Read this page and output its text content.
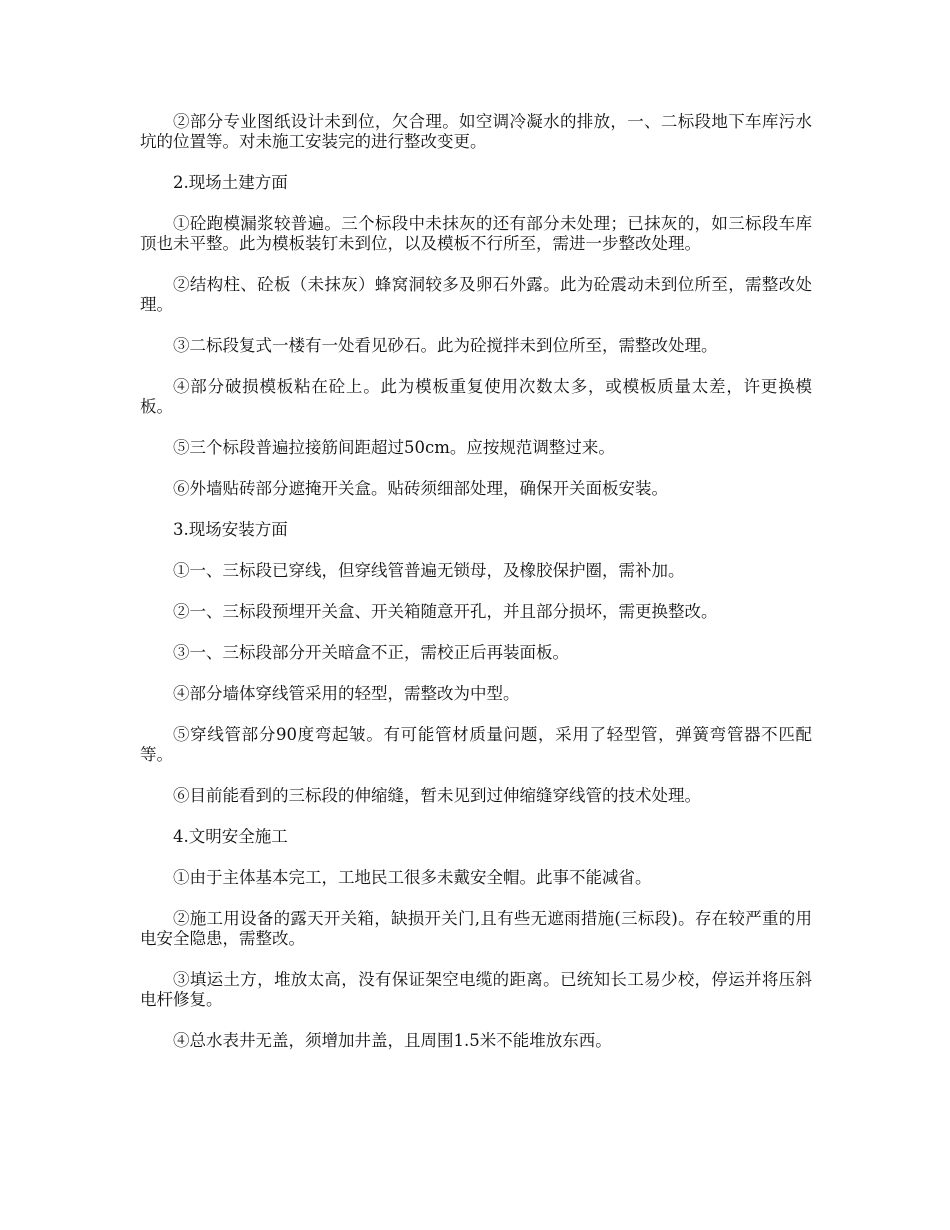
②部分专业图纸设计未到位，欠合理。如空调冷凝水的排放，一、二标段地下车库污水坑的位置等。对未施工安装完的进行整改变更。

2.现场土建方面

①砼跑模漏浆较普遍。三个标段中未抹灰的还有部分未处理；已抹灰的，如三标段车库顶也未平整。此为模板装钉未到位，以及模板不行所至，需进一步整改处理。

②结构柱、砼板（未抹灰）蜂窝洞较多及卵石外露。此为砼震动未到位所至，需整改处理。

③二标段复式一楼有一处看见砂石。此为砼搅拌未到位所至，需整改处理。

④部分破损模板粘在砼上。此为模板重复使用次数太多，或模板质量太差，许更换模板。

⑤三个标段普遍拉接筋间距超过50cm。应按规范调整过来。

⑥外墙贴砖部分遮掩开关盒。贴砖须细部处理，确保开关面板安装。

3.现场安装方面

①一、三标段已穿线，但穿线管普遍无锁母，及橡胶保护圈，需补加。

②一、三标段预埋开关盒、开关箱随意开孔，并且部分损坏，需更换整改。

③一、三标段部分开关暗盒不正，需校正后再装面板。

④部分墙体穿线管采用的轻型，需整改为中型。

⑤穿线管部分90度弯起皱。有可能管材质量问题，采用了轻型管，弹簧弯管器不匹配等。

⑥目前能看到的三标段的伸缩缝，暂未见到过伸缩缝穿线管的技术处理。

4.文明安全施工

①由于主体基本完工，工地民工很多未戴安全帽。此事不能减省。

②施工用设备的露天开关箱，缺损开关门,且有些无遮雨措施(三标段)。存在较严重的用电安全隐患，需整改。

③填运土方，堆放太高，没有保证架空电缆的距离。已统知长工易少校，停运并将压斜电杆修复。

④总水表井无盖，须增加井盖，且周围1.5米不能堆放东西。
